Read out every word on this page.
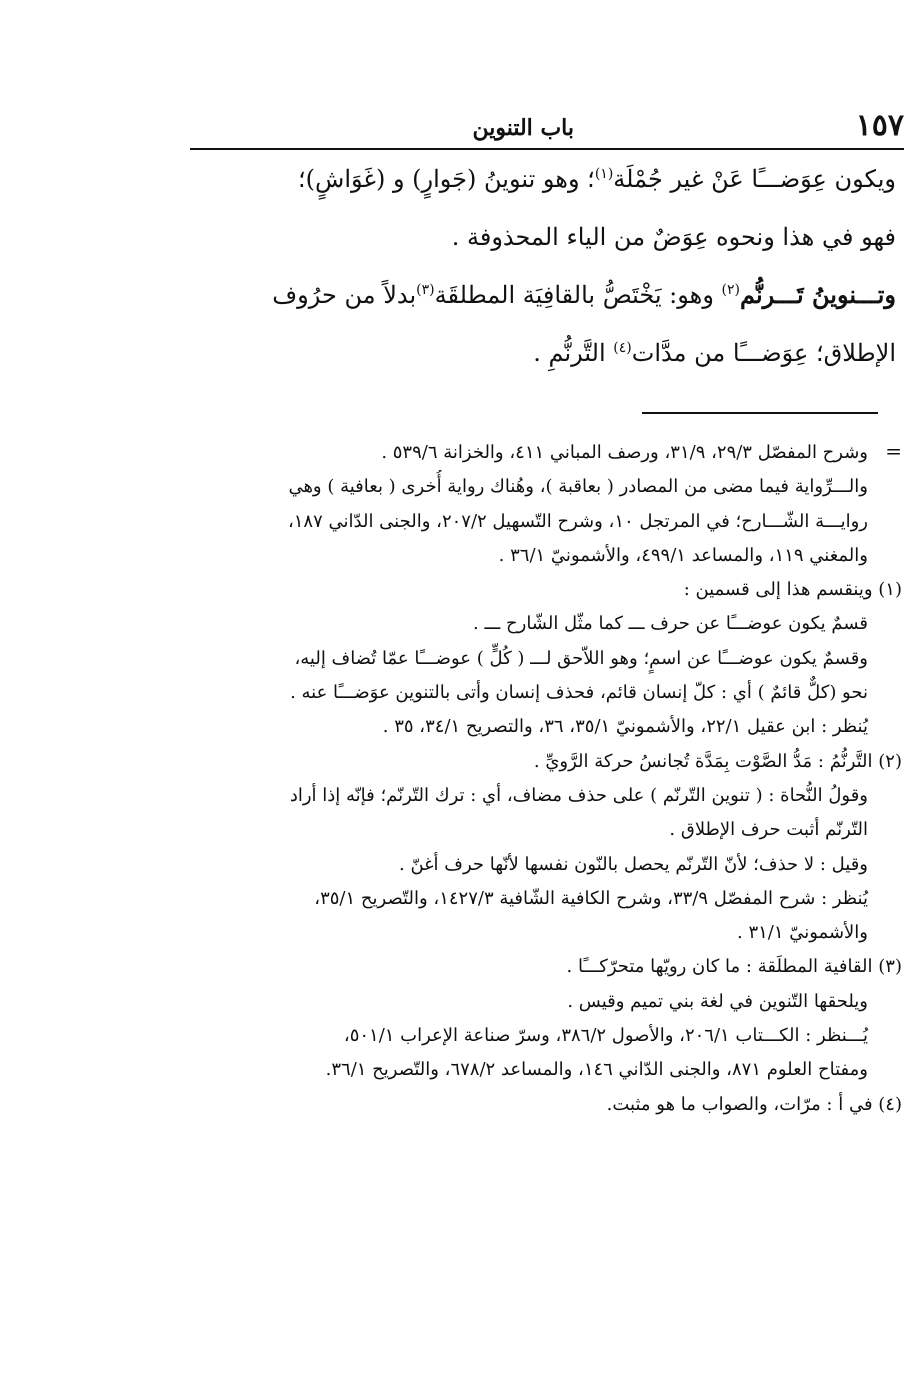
١٥٧
باب التنوين

ويكون عِوَضـــًا عَنْ غير جُمْلَة$^{(١)}$؛ وهو تنوينُ (جَوارٍ) و (غَوَاشٍ)؛

فهو في هذا ونحوه عِوَضٌ من الياء المحذوفة .

وتـــنوينُ تَـــرنُّم$^{(٢)}$ وهو: يَخْتَصُّ بالقافِيَة المطلقَة$^{(٣)}$بدلاً من حرُوف

الإطلاق؛ عِوَضـــًا من مدَّات$^{(٤)}$ التَّرنُّمِ .

=وشرح المفصّل ٢٩/٣، ٣١/٩، ورصف المباني ٤١١، والخزانة ٥٣٩/٦ .

والـــرِّواية فيما مضى من المصادر ( بعاقبة )، وهُناك رواية أُخرى ( بعافية ) وهي

روايـــة الشّـــارح؛ في المرتجل ١٠، وشرح التّسهيل ٢٠٧/٢، والجنى الدّاني ١٨٧،

والمغني ١١٩، والمساعد ٤٩٩/١، والأشمونيّ ٣٦/١ .

(١) وينقسم هذا إلى قسمين :

قسمٌ يكون عوضـــًا عن حرف ـــ كما مثّل الشّارح ـــ .

وقسمٌ يكون عوضـــًا عن اسمٍ؛ وهو اللاّحق لـــ ( كُلٍّ ) عوضـــًا عمّا تُضاف إليه،

نحو (كلٌّ قائمٌ ) أي : كلّ إنسان قائم، فحذف إنسان وأتى بالتنوين عوَضـــًا عنه .

يُنظر : ابن عقيل ٢٢/١، والأشمونيّ ٣٥/١، ٣٦، والتصريح ٣٤/١، ٣٥ .

(٢) التَّرنُّمُ : مَدُّ الصَّوْت بِمَدَّة تُجانسُ حركة الرَّويِّ .

وقولُ النُّحاة : ( تنوين التّرنّم ) على حذف مضاف، أي : ترك التّرنّم؛ فإنّه إذا أراد

التّرنّم أثبت حرف الإطلاق .

وقيل : لا حذف؛ لأنّ التّرنّم يحصل بالنّون نفسها لأنّها حرف أغنّ .

يُنظر : شرح المفصّل ٣٣/٩، وشرح الكافية الشّافية ١٤٢٧/٣، والتّصريح ٣٥/١،

والأشمونيّ ٣١/١ .

(٣) القافية المطلَقة : ما كان رويّها متحرّكـــًا .

ويلحقها التّنوين في لغة بني تميم وقيس .

يُـــنظر : الكـــتاب ٢٠٦/١، والأصول ٣٨٦/٢، وسرّ صناعة الإعراب ٥٠١/١،

ومفتاح العلوم ٨٧١، والجنى الدّاني ١٤٦، والمساعد ٦٧٨/٢، والتّصريح ٣٦/١.

(٤) في أ : مرّات، والصواب ما هو مثبت.
